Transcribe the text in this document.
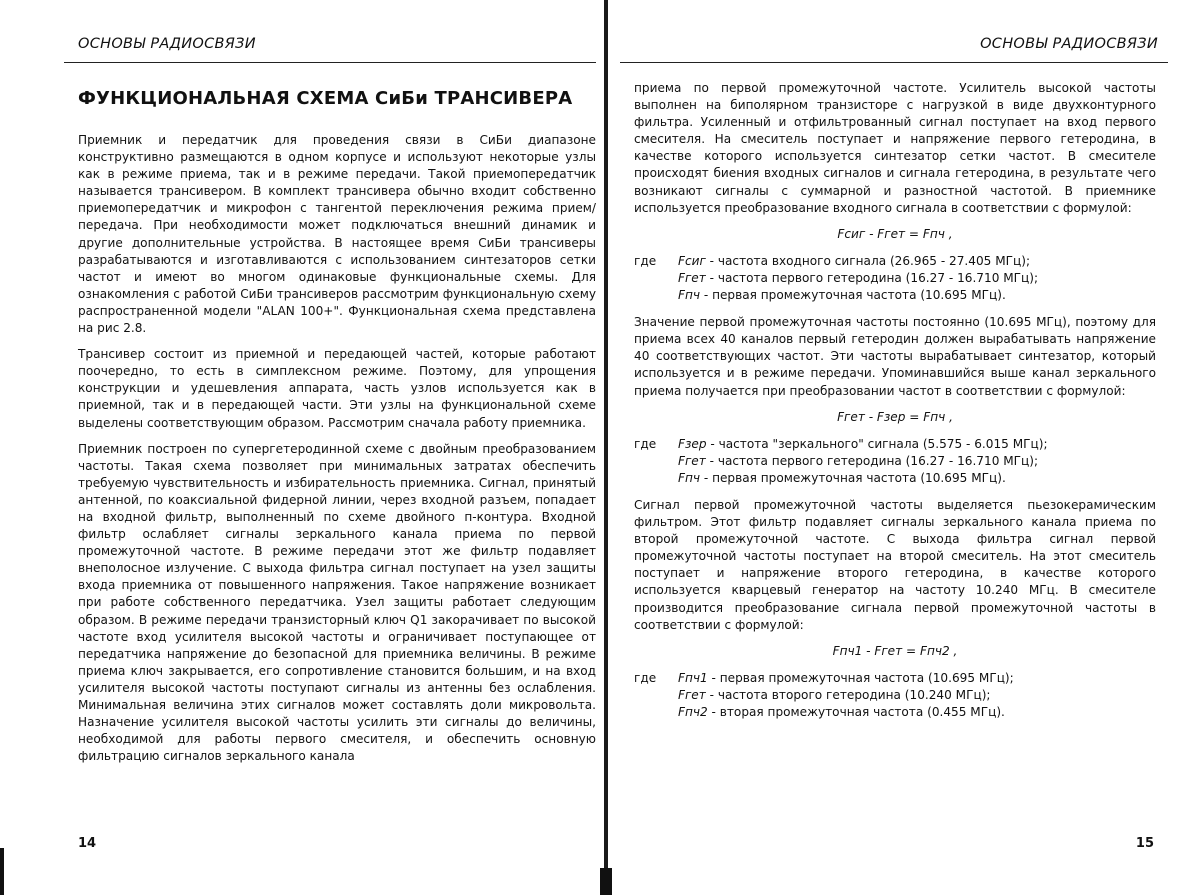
ОСНОВЫ РАДИОСВЯЗИ
ФУНКЦИОНАЛЬНАЯ СХЕМА СиБи ТРАНСИВЕРА

Приемник и передатчик для проведения связи в СиБи диапазоне конструктивно размещаются в одном корпусе и используют некоторые узлы как в режиме приема, так и в режиме передачи. Такой приемопередатчик называется трансивером. В комплект трансивера обычно входит собственно приемопередатчик и микрофон с тангентой переключения режима прием/передача. При необходимости может подключаться внешний динамик и другие дополнительные устройства. В настоящее время СиБи трансиверы разрабатываются и изготавливаются с использованием синтезаторов сетки частот и имеют во многом одинаковые функциональные схемы. Для ознакомления с работой СиБи трансиверов рассмотрим функциональную схему распространенной модели "ALAN 100+". Функциональная схема представлена на рис 2.8.

Трансивер состоит из приемной и передающей частей, которые работают поочередно, то есть в симплексном режиме. Поэтому, для упрощения конструкции и удешевления аппарата, часть узлов используется как в приемной, так и в передающей части. Эти узлы на функциональной схеме выделены соответствующим образом. Рассмотрим сначала работу приемника.

Приемник построен по супергетеродинной схеме с двойным преобразованием частоты. Такая схема позволяет при минимальных затратах обеспечить требуемую чувствительность и избирательность приемника. Сигнал, принятый антенной, по коаксиальной фидерной линии, через входной разъем, попадает на входной фильтр, выполненный по схеме двойного п-контура. Входной фильтр ослабляет сигналы зеркального канала приема по первой промежуточной частоте. В режиме передачи этот же фильтр подавляет внеполосное излучение. С выхода фильтра сигнал поступает на узел защиты входа приемника от повышенного напряжения. Такое напряжение возникает при работе собственного передатчика. Узел защиты работает следующим образом. В режиме передачи транзисторный ключ Q1 закорачивает по высокой частоте вход усилителя высокой частоты и ограничивает поступающее от передатчика напряжение до безопасной для приемника величины. В режиме приема ключ закрывается, его сопротивление становится большим, и на вход усилителя высокой частоты поступают сигналы из антенны без ослабления. Минимальная величина этих сигналов может составлять доли микровольта. Назначение усилителя высокой частоты усилить эти сигналы до величины, необходимой для работы первого смесителя, и обеспечить основную фильтрацию сигналов зеркального канала

14
ОСНОВЫ РАДИОСВЯЗИ

приема по первой промежуточной частоте. Усилитель высокой частоты выполнен на биполярном транзисторе с нагрузкой в виде двухконтурного фильтра. Усиленный и отфильтрованный сигнал поступает на вход первого смесителя. На смеситель поступает и напряжение первого гетеродина, в качестве которого используется синтезатор сетки частот. В смесителе происходят биения входных сигналов и сигнала гетеродина, в результате чего возникают сигналы с суммарной и разностной частотой. В приемнике используется преобразование входного сигнала в соответствии с формулой:

Fсиг - Fгет = Fпч ,
где	Fсиг - частота входного сигнала (26.965 - 27.405 МГц);
Fгет - частота первого гетеродина (16.27 - 16.710 МГц);
Fпч - первая промежуточная частота (10.695 МГц).

Значение первой промежуточная частоты постоянно (10.695 МГц), поэтому для приема всех 40 каналов первый гетеродин должен вырабатывать напряжение 40 соответствующих частот. Эти частоты вырабатывает синтезатор, который используется и в режиме передачи. Упоминавшийся выше канал зеркального приема получается при преобразовании частот в соответствии с формулой:

Fгет - Fзер = Fпч ,
где	Fзер - частота "зеркального" сигнала (5.575 - 6.015 МГц);
Fгет - частота первого гетеродина (16.27 - 16.710 МГц);
Fпч - первая промежуточная частота (10.695 МГц).

Сигнал первой промежуточной частоты выделяется пьезокерамическим фильтром. Этот фильтр подавляет сигналы зеркального канала приема по второй промежуточной частоте. С выхода фильтра сигнал первой промежуточной частоты поступает на второй смеситель. На этот смеситель поступает и напряжение второго гетеродина, в качестве которого используется кварцевый генератор на частоту 10.240 МГц. В смесителе производится преобразование сигнала первой промежуточной частоты в соответствии с формулой:

Fпч1 - Fгет = Fпч2 ,
где	Fпч1 - первая промежуточная частота (10.695 МГц);
Fгет - частота второго гетеродина (10.240 МГц);
Fпч2 - вторая промежуточная частота (0.455 МГц).
15
